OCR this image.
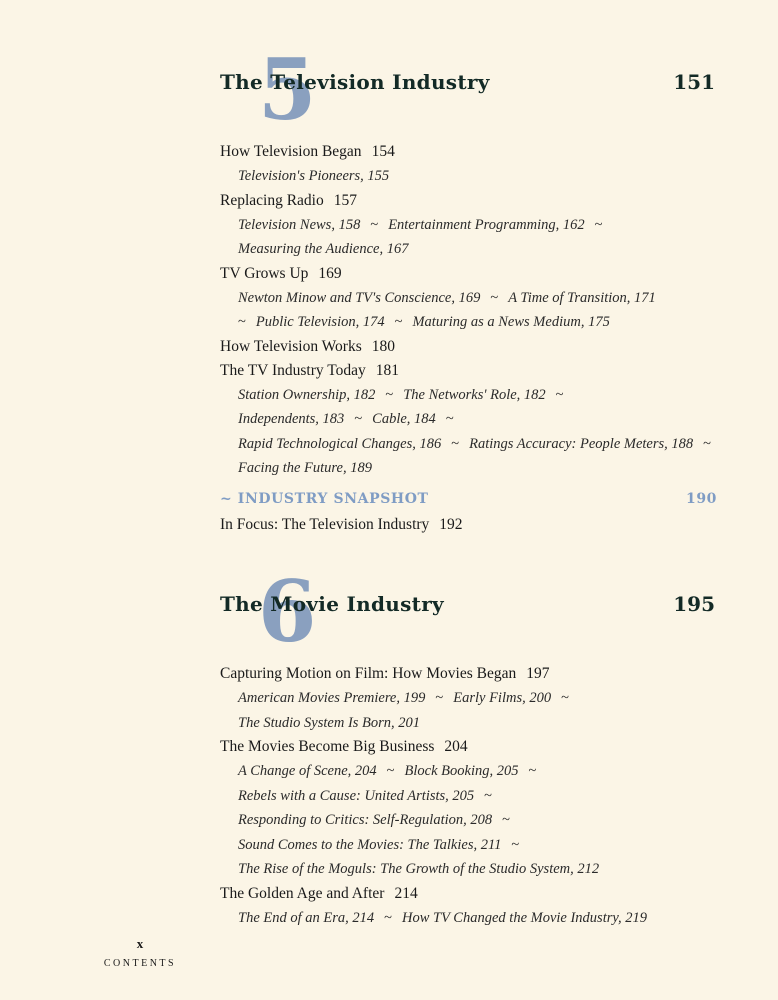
5
The Television Industry	151
How Television Began 154
Television's Pioneers, 155
Replacing Radio 157
Television News, 158 ~ Entertainment Programming, 162 ~
Measuring the Audience, 167
TV Grows Up 169
Newton Minow and TV's Conscience, 169 ~ A Time of Transition, 171
~ Public Television, 174 ~ Maturing as a News Medium, 175
How Television Works 180
The TV Industry Today 181
Station Ownership, 182 ~ The Networks' Role, 182 ~
Independents, 183 ~ Cable, 184 ~
Rapid Technological Changes, 186 ~ Ratings Accuracy: People Meters, 188 ~
Facing the Future, 189
~ INDUSTRY SNAPSHOT	190
In Focus: The Television Industry 192
6
The Movie Industry	195
Capturing Motion on Film: How Movies Began 197
American Movies Premiere, 199 ~ Early Films, 200 ~
The Studio System Is Born, 201
The Movies Become Big Business 204
A Change of Scene, 204 ~ Block Booking, 205 ~
Rebels with a Cause: United Artists, 205 ~
Responding to Critics: Self-Regulation, 208 ~
Sound Comes to the Movies: The Talkies, 211 ~
The Rise of the Moguls: The Growth of the Studio System, 212
The Golden Age and After 214
The End of an Era, 214 ~ How TV Changed the Movie Industry, 219
x
CONTENTS
